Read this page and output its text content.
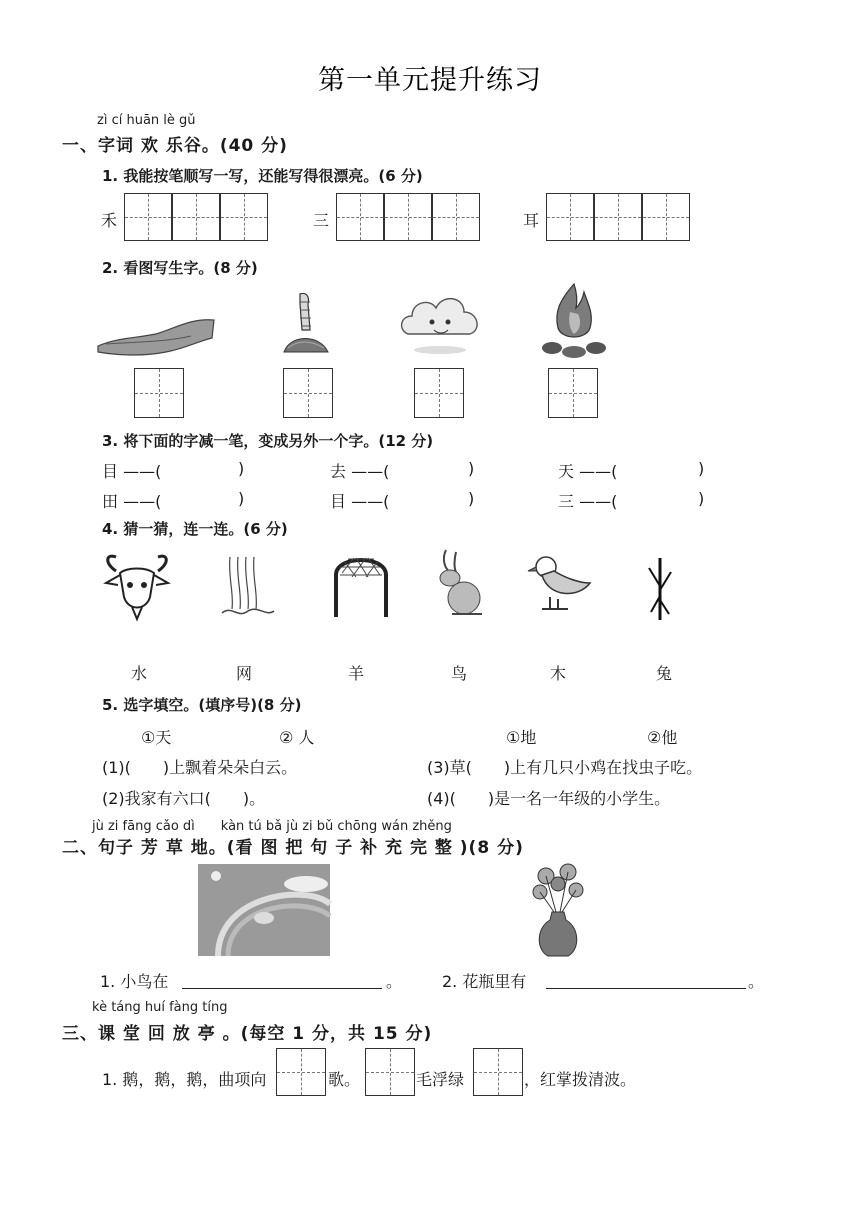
第一单元提升练习
zì cí huān lè gǔ
一、字词 欢 乐谷。(40 分)
1. 我能按笔顺写一写，还能写得很漂亮。(6 分)
禾	三	耳
2. 看图写生字。(8 分)
3. 将下面的字减一笔，变成另外一个字。(12 分)
目 ——(	)	去 ——(	)	天 ——(	)
田 ——(	)	目 ——(	)	三 ——(	)
4. 猜一猜，连一连。(6 分)
水	网	羊	鸟	木	兔
5. 选字填空。(填序号)(8 分)
①天	② 人	①地	②他
(1)(　　)上飘着朵朵白云。	(3)草(　　)上有几只小鸡在找虫子吃。
(2)我家有六口(　　)。	(4)(　　)是一名一年级的小学生。
jù zi fāng cǎo dì　　kàn tú bǎ jù zi bǔ chōng wán zhěng
二、句子 芳 草 地。(看 图 把 句 子 补 充 完 整 )(8 分)
1. 小鸟在	。 2. 花瓶里有	。
kè táng huí fàng tíng
三、课 堂 回 放 亭 。(每空 1 分，共 15 分)
1. 鹅，鹅，鹅，曲项向	歌。	毛浮绿	，红掌拨清波。
